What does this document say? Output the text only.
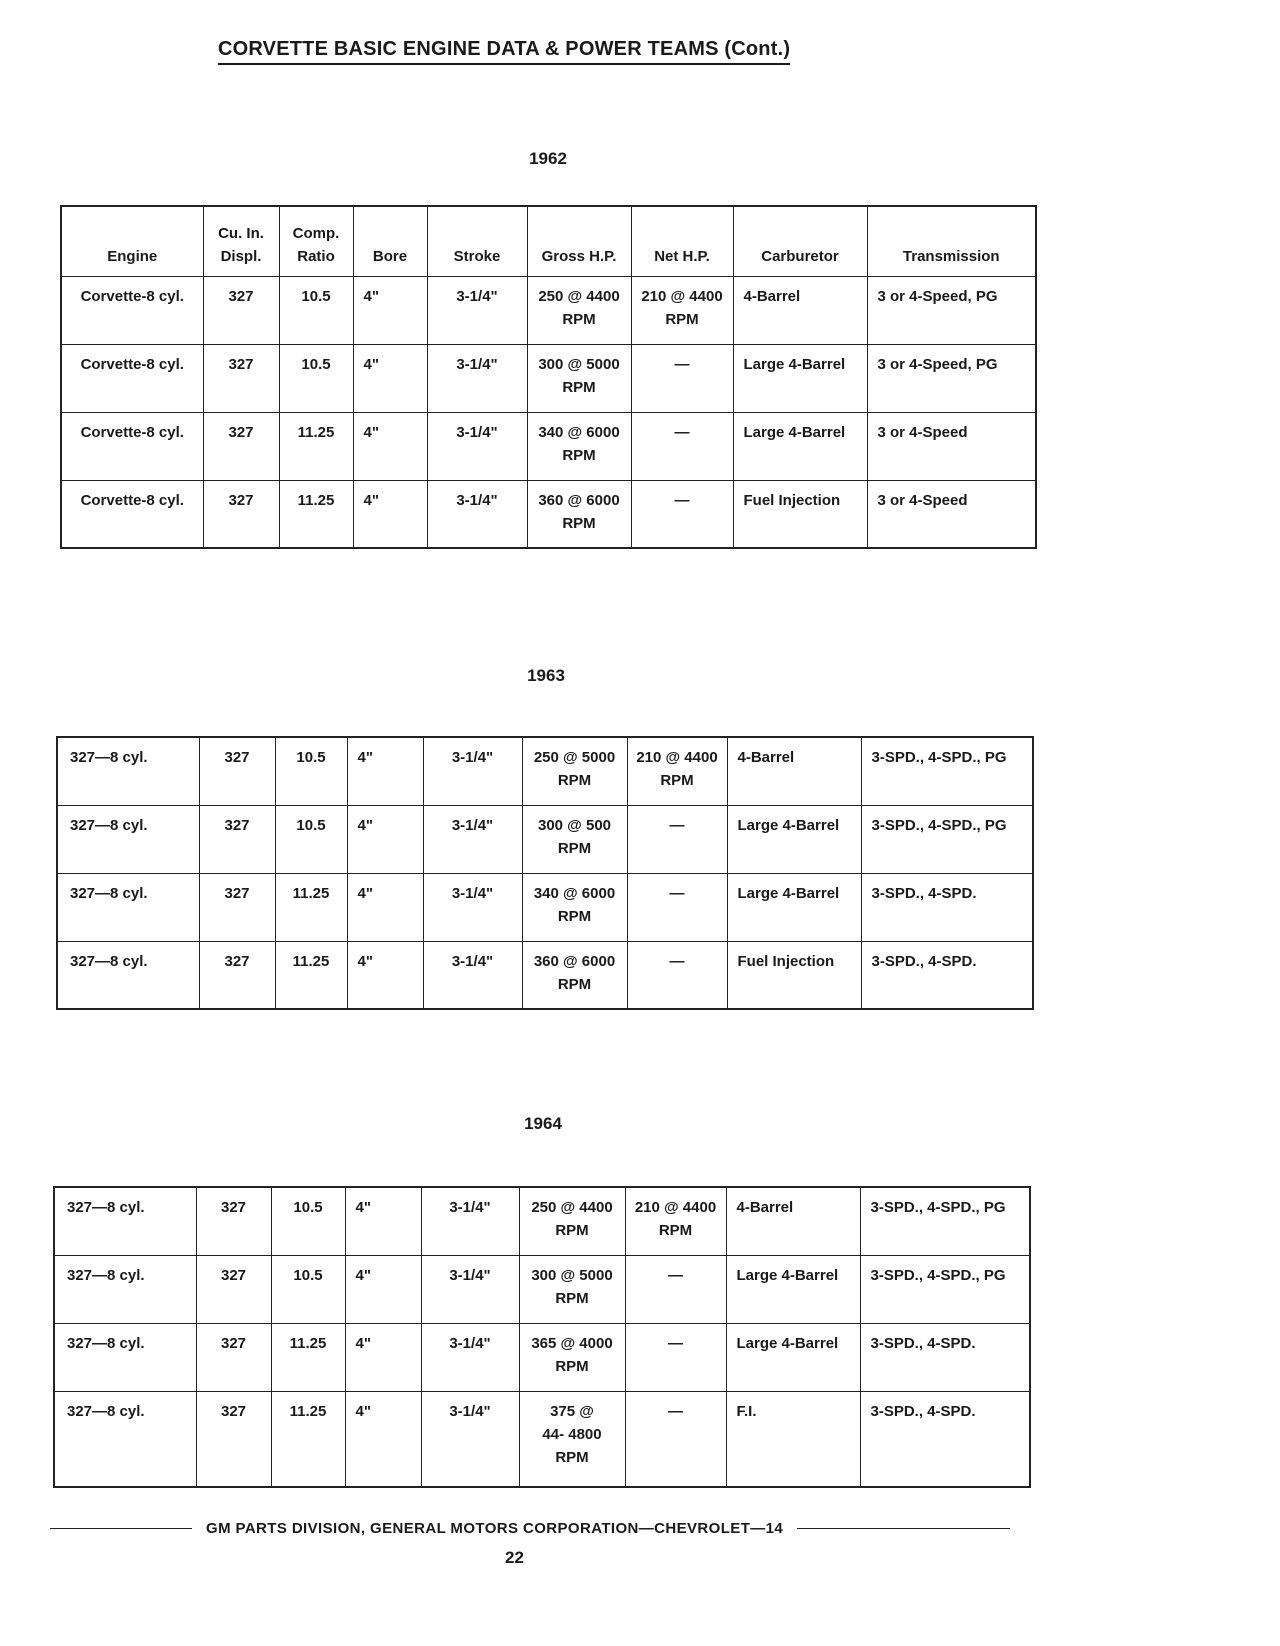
CORVETTE BASIC ENGINE DATA & POWER TEAMS (Cont.)
1962
Engine	Cu. In. Displ.	Comp. Ratio	Bore	Stroke	Gross H.P.	Net H.P.	Carburetor	Transmission
Corvette-8 cyl.	327	10.5	4"	3-1/4"	250 @ 4400 RPM	210 @ 4400 RPM	4-Barrel	3 or 4-Speed, PG
Corvette-8 cyl.	327	10.5	4"	3-1/4"	300 @ 5000 RPM	—	Large 4-Barrel	3 or 4-Speed, PG
Corvette-8 cyl.	327	11.25	4"	3-1/4"	340 @ 6000 RPM	—	Large 4-Barrel	3 or 4-Speed
Corvette-8 cyl.	327	11.25	4"	3-1/4"	360 @ 6000 RPM	—	Fuel Injection	3 or 4-Speed
1963
327—8 cyl.	327	10.5	4"	3-1/4"	250 @ 5000 RPM	210 @ 4400 RPM	4-Barrel	3-SPD., 4-SPD., PG
327—8 cyl.	327	10.5	4"	3-1/4"	300 @ 500 RPM	—	Large 4-Barrel	3-SPD., 4-SPD., PG
327—8 cyl.	327	11.25	4"	3-1/4"	340 @ 6000 RPM	—	Large 4-Barrel	3-SPD., 4-SPD.
327—8 cyl.	327	11.25	4"	3-1/4"	360 @ 6000 RPM	—	Fuel Injection	3-SPD., 4-SPD.
1964
327—8 cyl.	327	10.5	4"	3-1/4"	250 @ 4400 RPM	210 @ 4400 RPM	4-Barrel	3-SPD., 4-SPD., PG
327—8 cyl.	327	10.5	4"	3-1/4"	300 @ 5000 RPM	—	Large 4-Barrel	3-SPD., 4-SPD., PG
327—8 cyl.	327	11.25	4"	3-1/4"	365 @ 4000 RPM	—	Large 4-Barrel	3-SPD., 4-SPD.
327—8 cyl.	327	11.25	4"	3-1/4"	375 @ 44- 4800 RPM	—	F.I.	3-SPD., 4-SPD.
GM PARTS DIVISION, GENERAL MOTORS CORPORATION—CHEVROLET—14
22
